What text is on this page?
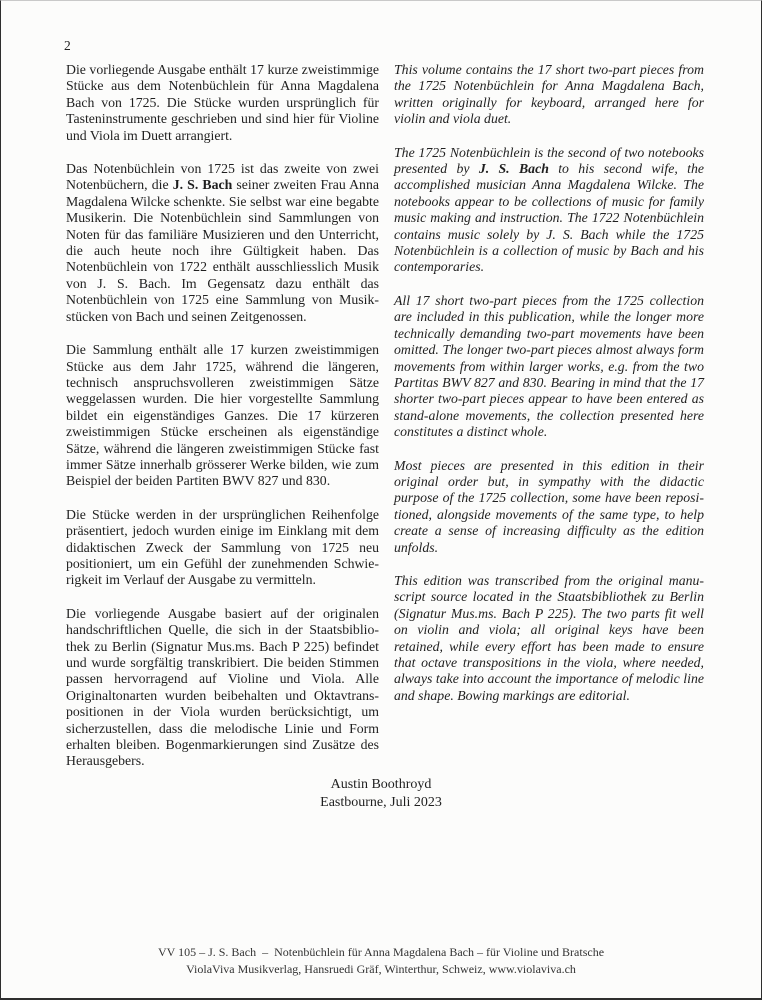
2

Die vorliegende Ausgabe enthält 17 kurze zweistimmige Stücke aus dem Notenbüchlein für Anna Magdalena Bach von 1725. Die Stücke wurden ursprünglich für Tasteninstrumente geschrieben und sind hier für Violine und Viola im Duett arrangiert.

Das Notenbüchlein von 1725 ist das zweite von zwei Notenbüchern, die J. S. Bach seiner zweiten Frau Anna Magdalena Wilcke schenkte. Sie selbst war eine begabte Musikerin. Die Notenbüchlein sind Sammlungen von Noten für das familiäre Musizieren und den Unterricht, die auch heute noch ihre Gültigkeit haben. Das Notenbüchlein von 1722 enthält ausschliesslich Musik von J. S. Bach. Im Gegensatz dazu enthält das Notenbüchlein von 1725 eine Sammlung von Musikstücken von Bach und seinen Zeitgenossen.

Die Sammlung enthält alle 17 kurzen zweistimmigen Stücke aus dem Jahr 1725, während die längeren, technisch anspruchsvolleren zweistimmigen Sätze weggelassen wurden. Die hier vorgestellte Sammlung bildet ein eigenständiges Ganzes. Die 17 kürzeren zweistimmigen Stücke erscheinen als eigenständige Sätze, während die längeren zweistimmigen Stücke fast immer Sätze innerhalb grösserer Werke bilden, wie zum Beispiel der beiden Partiten BWV 827 und 830.

Die Stücke werden in der ursprünglichen Reihenfolge präsentiert, jedoch wurden einige im Einklang mit dem didaktischen Zweck der Sammlung von 1725 neu positioniert, um ein Gefühl der zunehmenden Schwierigkeit im Verlauf der Ausgabe zu vermitteln.

Die vorliegende Ausgabe basiert auf der originalen handschriftlichen Quelle, die sich in der Staatsbibliothek zu Berlin (Signatur Mus.ms. Bach P 225) befindet und wurde sorgfältig transkribiert. Die beiden Stimmen passen hervorragend auf Violine und Viola. Alle Originaltonarten wurden beibehalten und Oktavtranspositionen in der Viola wurden berücksichtigt, um sicherzustellen, dass die melodische Linie und Form erhalten bleiben. Bogenmarkierungen sind Zusätze des Herausgebers.

This volume contains the 17 short two-part pieces from the 1725 Notenbüchlein for Anna Magdalena Bach, written originally for keyboard, arranged here for violin and viola duet.

The 1725 Notenbüchlein is the second of two notebooks presented by J. S. Bach to his second wife, the accomplished musician Anna Magdalena Wilcke. The notebooks appear to be collections of music for family music making and instruction. The 1722 Notenbüchlein contains music solely by J. S. Bach while the 1725 Notenbüchlein is a collection of music by Bach and his contemporaries.

All 17 short two-part pieces from the 1725 collection are included in this publication, while the longer more technically demanding two-part movements have been omitted. The longer two-part pieces almost always form movements from within larger works, e.g. from the two Partitas BWV 827 and 830. Bearing in mind that the 17 shorter two-part pieces appear to have been entered as stand-alone movements, the collection presented here constitutes a distinct whole.

Most pieces are presented in this edition in their original order but, in sympathy with the didactic purpose of the 1725 collection, some have been repositioned, alongside movements of the same type, to help create a sense of increasing difficulty as the edition unfolds.

This edition was transcribed from the original manuscript source located in the Staatsbibliothek zu Berlin (Signatur Mus.ms. Bach P 225). The two parts fit well on violin and viola; all original keys have been retained, while every effort has been made to ensure that octave transpositions in the viola, where needed, always take into account the importance of melodic line and shape. Bowing markings are editorial.

Austin Boothroyd
Eastbourne, Juli 2023
VV 105 – J. S. Bach – Notenbüchlein für Anna Magdalena Bach – für Violine und Bratsche
ViolaViva Musikverlag, Hansruedi Gräf, Winterthur, Schweiz, www.violaviva.ch
